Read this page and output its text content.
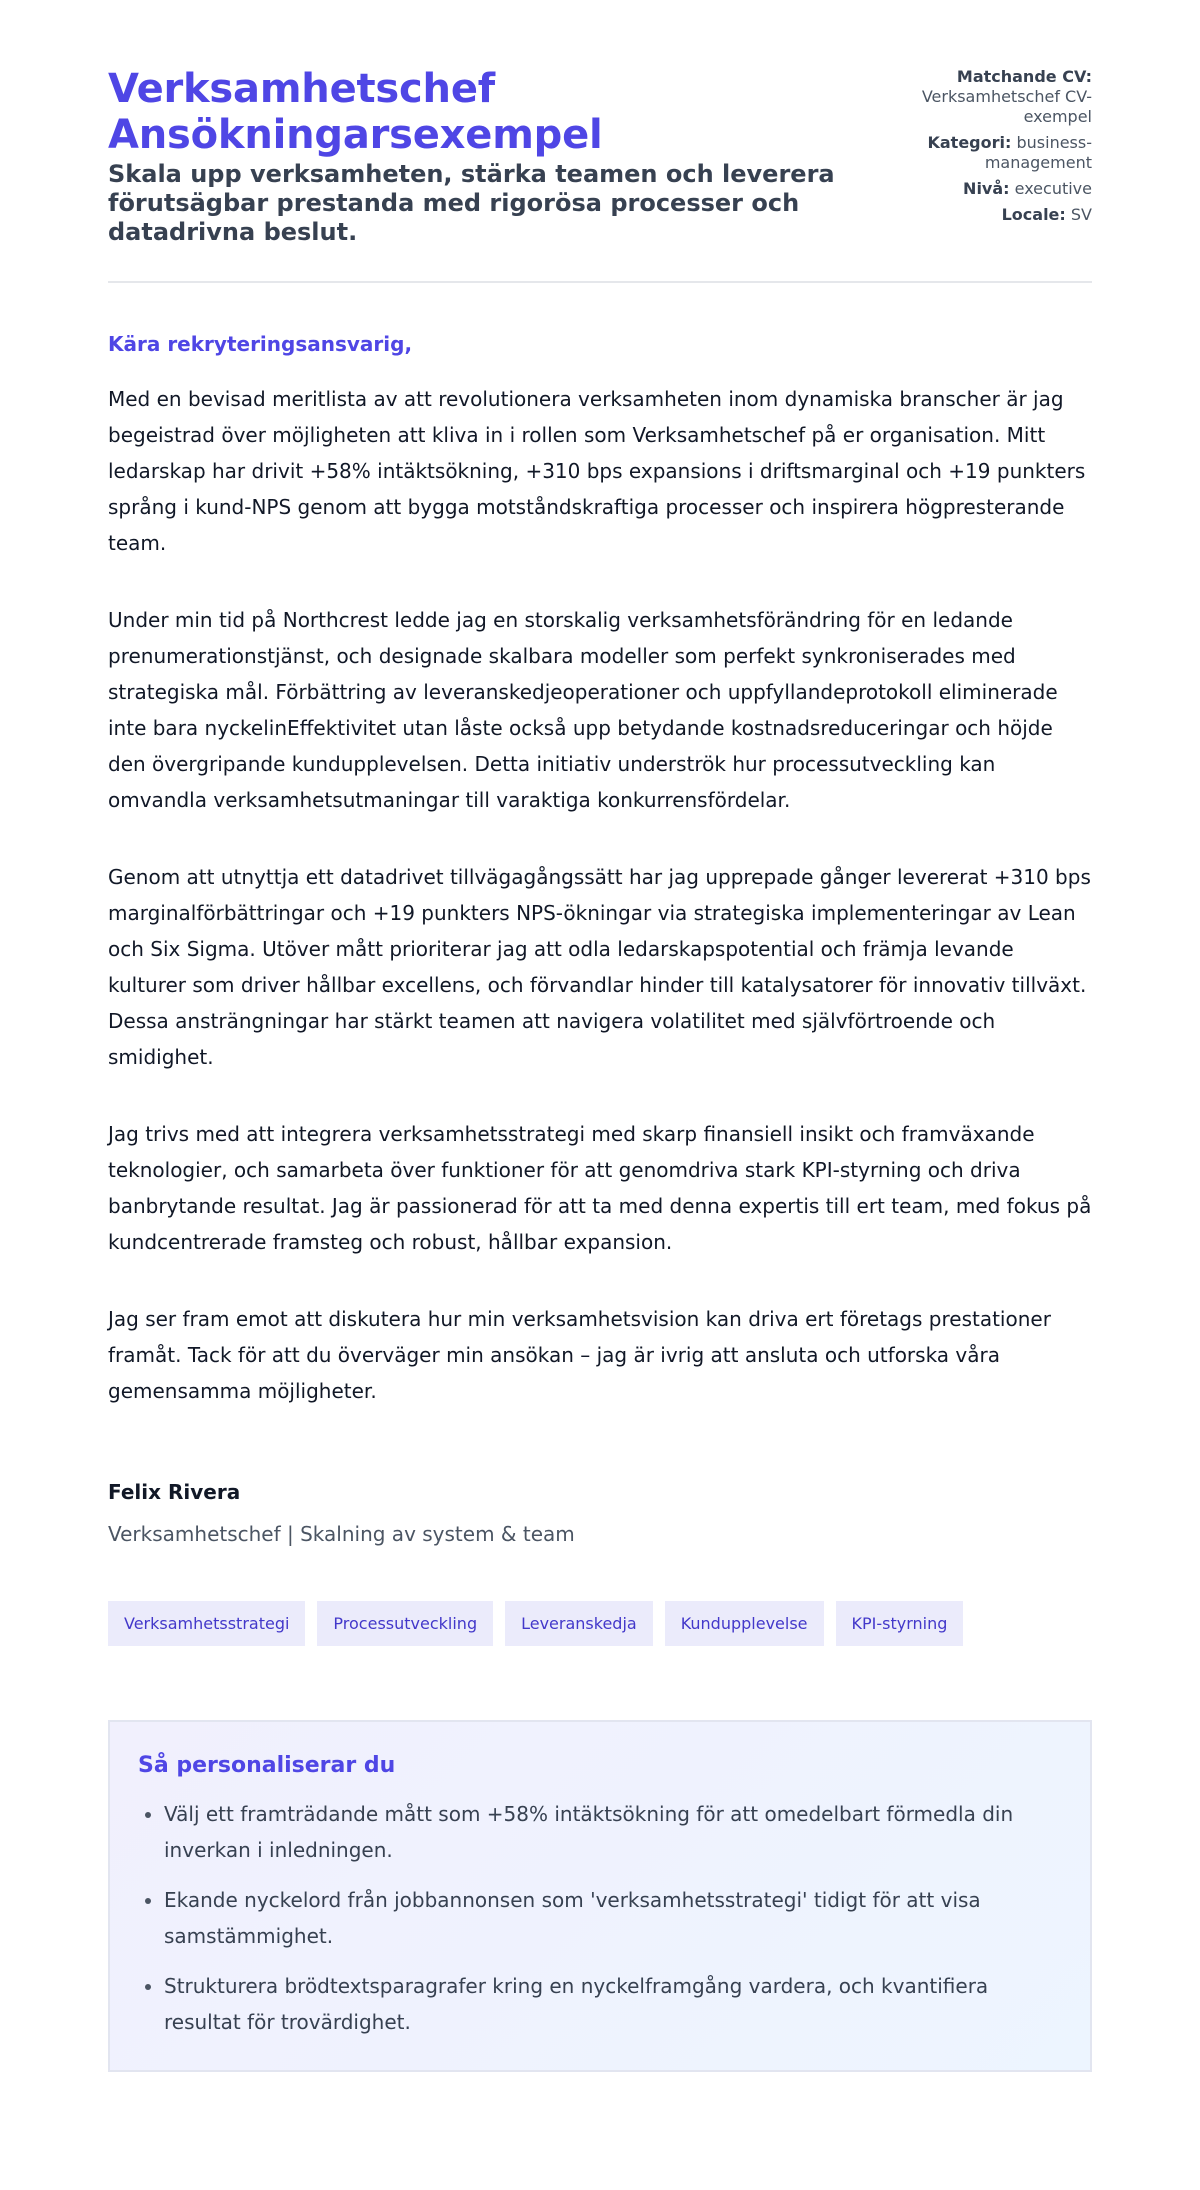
Verksamhetschef
Ansökningarsexempel
Skala upp verksamheten, stärka teamen och leverera förutsägbar prestanda med rigorösa processer och datadrivna beslut.
Matchande CV:
Verksamhetschef CV-exempel
Kategori: business-management
Nivå: executive
Locale: SV

Kära rekryteringsansvarig,

Med en bevisad meritlista av att revolutionera verksamheten inom dynamiska branscher är jag begeistrad över möjligheten att kliva in i rollen som Verksamhetschef på er organisation. Mitt ledarskap har drivit +58% intäktsökning, +310 bps expansions i driftsmarginal och +19 punkters språng i kund-NPS genom att bygga motståndskraftiga processer och inspirera högpresterande team.

Under min tid på Northcrest ledde jag en storskalig verksamhetsförändring för en ledande prenumerationstjänst, och designade skalbara modeller som perfekt synkroniserades med strategiska mål. Förbättring av leveranskedjeoperationer och uppfyllandeprotokoll eliminerade inte bara nyckelinEffektivitet utan låste också upp betydande kostnadsreduceringar och höjde den övergripande kundupplevelsen. Detta initiativ underströk hur processutveckling kan omvandla verksamhetsutmaningar till varaktiga konkurrensfördelar.

Genom att utnyttja ett datadrivet tillvägagångssätt har jag upprepade gånger levererat +310 bps marginalförbättringar och +19 punkters NPS-ökningar via strategiska implementeringar av Lean och Six Sigma. Utöver mått prioriterar jag att odla ledarskapspotential och främja levande kulturer som driver hållbar excellens, och förvandlar hinder till katalysatorer för innovativ tillväxt. Dessa ansträngningar har stärkt teamen att navigera volatilitet med självförtroende och smidighet.

Jag trivs med att integrera verksamhetsstrategi med skarp finansiell insikt och framväxande teknologier, och samarbeta över funktioner för att genomdriva stark KPI-styrning och driva banbrytande resultat. Jag är passionerad för att ta med denna expertis till ert team, med fokus på kundcentrerade framsteg och robust, hållbar expansion.

Jag ser fram emot att diskutera hur min verksamhetsvision kan driva ert företags prestationer framåt. Tack för att du överväger min ansökan – jag är ivrig att ansluta och utforska våra gemensamma möjligheter.

Felix Rivera
Verksamhetschef | Skalning av system & team
Verksamhetsstrategi	Processutveckling	Leveranskedja	Kundupplevelse	KPI-styrning
Så personaliserar du
• Välj ett framträdande mått som +58% intäktsökning för att omedelbart förmedla din inverkan i inledningen.
• Ekande nyckelord från jobbannonsen som 'verksamhetsstrategi' tidigt för att visa samstämmighet.
• Strukturera brödtextsparagrafer kring en nyckelframgång vardera, och kvantifiera resultat för trovärdighet.
